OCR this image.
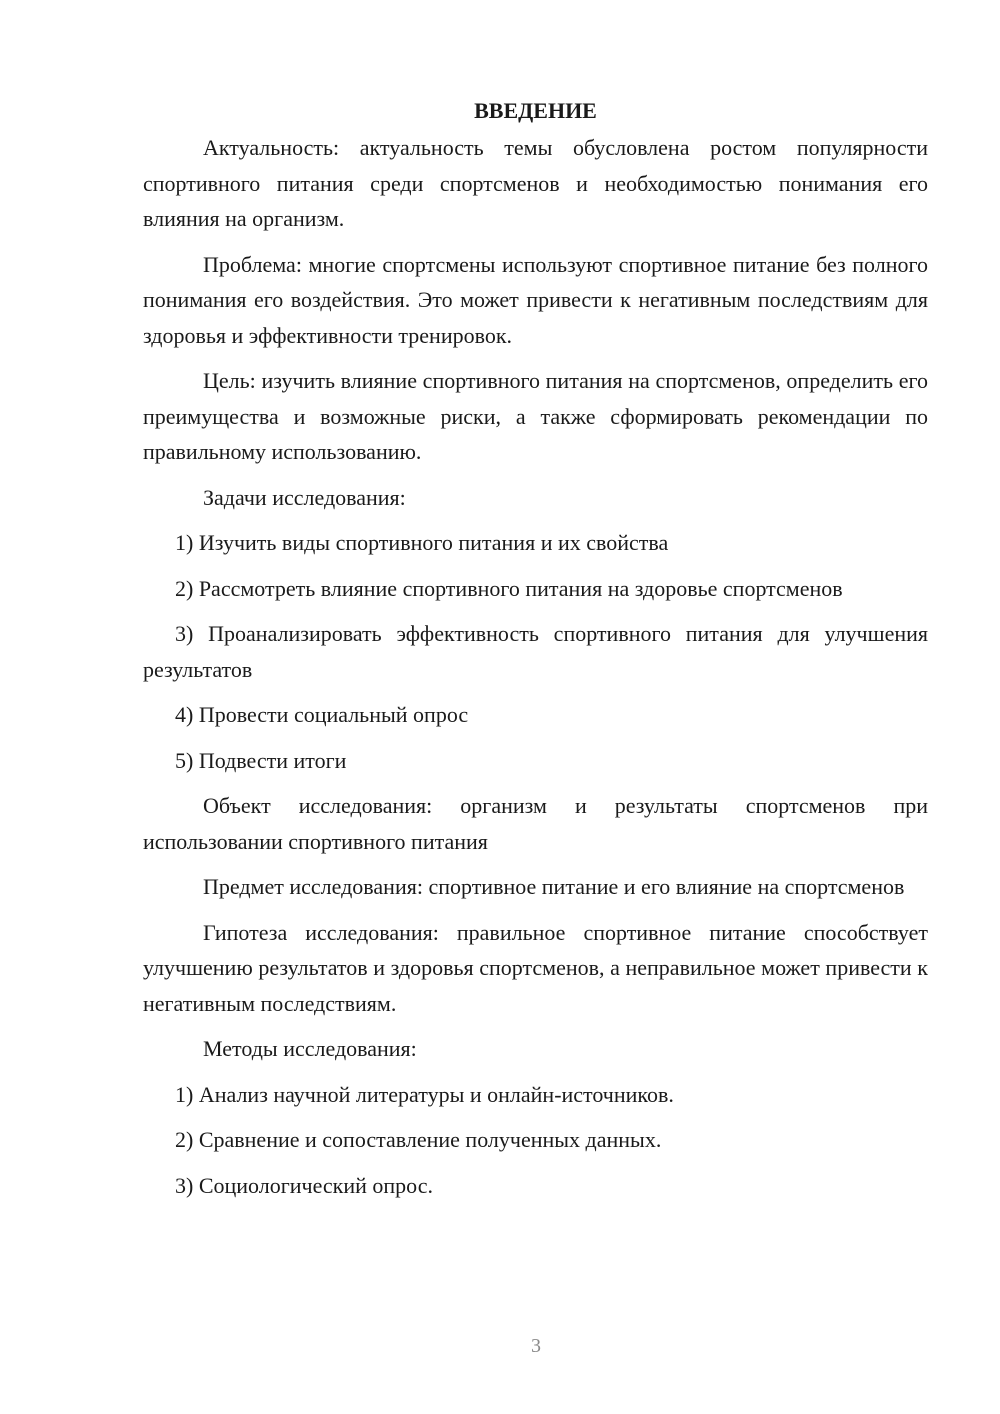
ВВЕДЕНИЕ

Актуальность: актуальность темы обусловлена ростом популярности спортивного питания среди спортсменов и необходимостью понимания его влияния на организм.

Проблема: многие спортсмены используют спортивное питание без полного понимания его воздействия. Это может привести к негативным последствиям для здоровья и эффективности тренировок.

Цель: изучить влияние спортивного питания на спортсменов, определить его преимущества и возможные риски, а также сформировать рекомендации по правильному использованию.

Задачи исследования:

1) Изучить виды спортивного питания и их свойства

2) Рассмотреть влияние спортивного питания на здоровье спортсменов

3) Проанализировать эффективность спортивного питания для улучшения результатов

4) Провести социальный опрос

5) Подвести итоги

Объект исследования: организм и результаты спортсменов при использовании спортивного питания

Предмет исследования: спортивное питание и его влияние на спортсменов

Гипотеза исследования: правильное спортивное питание способствует улучшению результатов и здоровья спортсменов, а неправильное может привести к негативным последствиям.

Методы исследования:

1) Анализ научной литературы и онлайн-источников.

2) Сравнение и сопоставление полученных данных.

3) Социологический опрос.

3
